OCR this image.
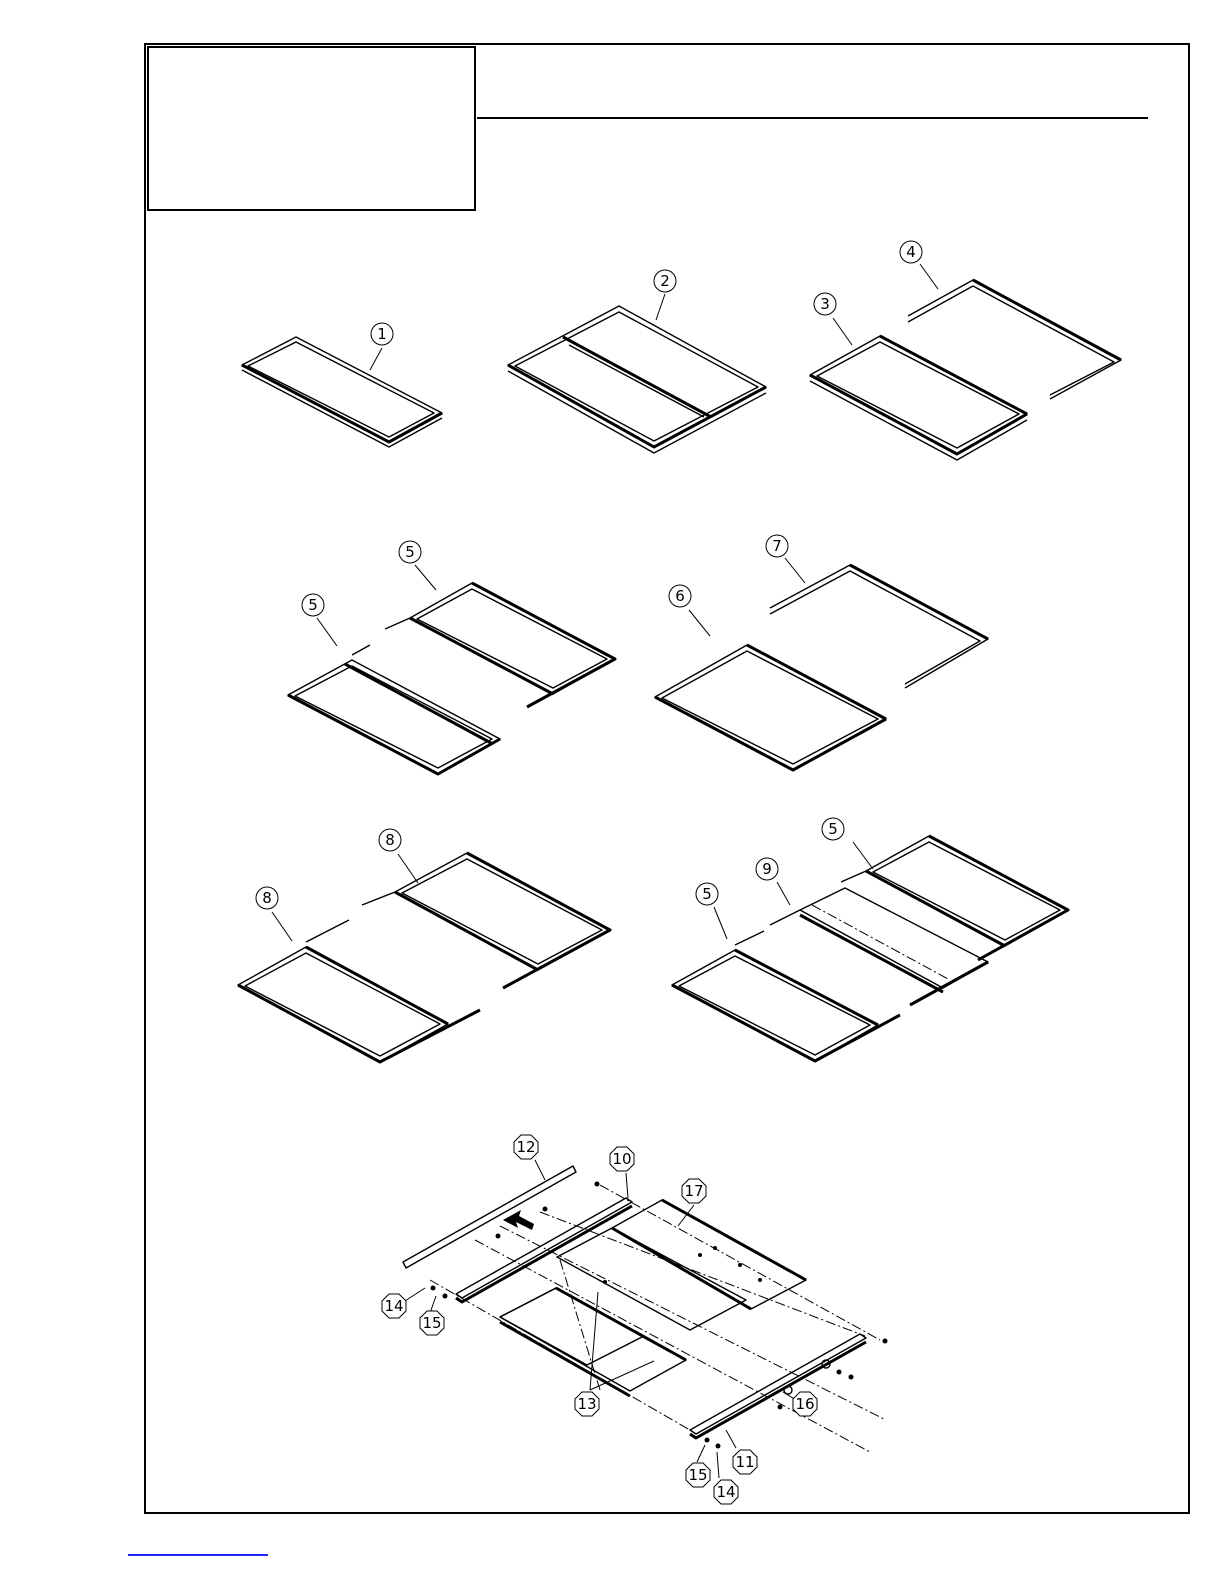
1
2
3
4
5
5
6
7
8
8
5
9
5
12
10
17
14
15
13	16
15
14
11
